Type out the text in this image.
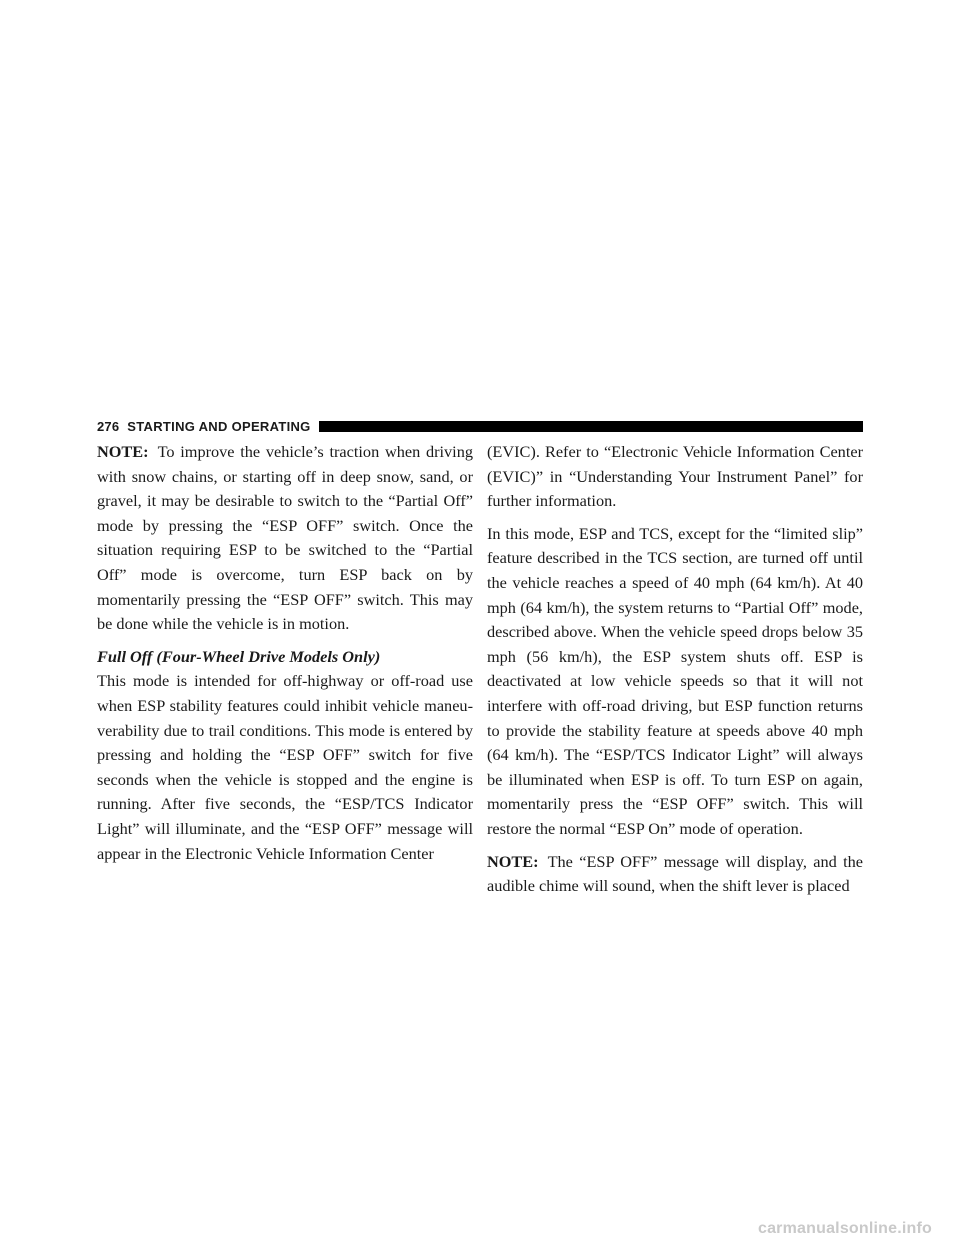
276 STARTING AND OPERATING

NOTE: To improve the vehicle’s traction when driving with snow chains, or starting off in deep snow, sand, or gravel, it may be desirable to switch to the “Partial Off” mode by pressing the “ESP OFF” switch. Once the situation requiring ESP to be switched to the “Partial Off” mode is overcome, turn ESP back on by momentarily pressing the “ESP OFF” switch. This may be done while the vehicle is in motion.

Full Off (Four-Wheel Drive Models Only)

This mode is intended for off-highway or off-road use when ESP stability features could inhibit vehicle maneuverability due to trail conditions. This mode is entered by pressing and holding the “ESP OFF” switch for five seconds when the vehicle is stopped and the engine is running. After five seconds, the “ESP/TCS Indicator Light” will illuminate, and the “ESP OFF” message will appear in the Electronic Vehicle Information Center

(EVIC). Refer to “Electronic Vehicle Information Center (EVIC)” in “Understanding Your Instrument Panel” for further information.

In this mode, ESP and TCS, except for the “limited slip” feature described in the TCS section, are turned off until the vehicle reaches a speed of 40 mph (64 km/h). At 40 mph (64 km/h), the system returns to “Partial Off” mode, described above. When the vehicle speed drops below 35 mph (56 km/h), the ESP system shuts off. ESP is deactivated at low vehicle speeds so that it will not interfere with off-road driving, but ESP function returns to provide the stability feature at speeds above 40 mph (64 km/h). The “ESP/TCS Indicator Light” will always be illuminated when ESP is off. To turn ESP on again, momentarily press the “ESP OFF” switch. This will restore the normal “ESP On” mode of operation.

NOTE: The “ESP OFF” message will display, and the audible chime will sound, when the shift lever is placed

carmanualsonline.info
